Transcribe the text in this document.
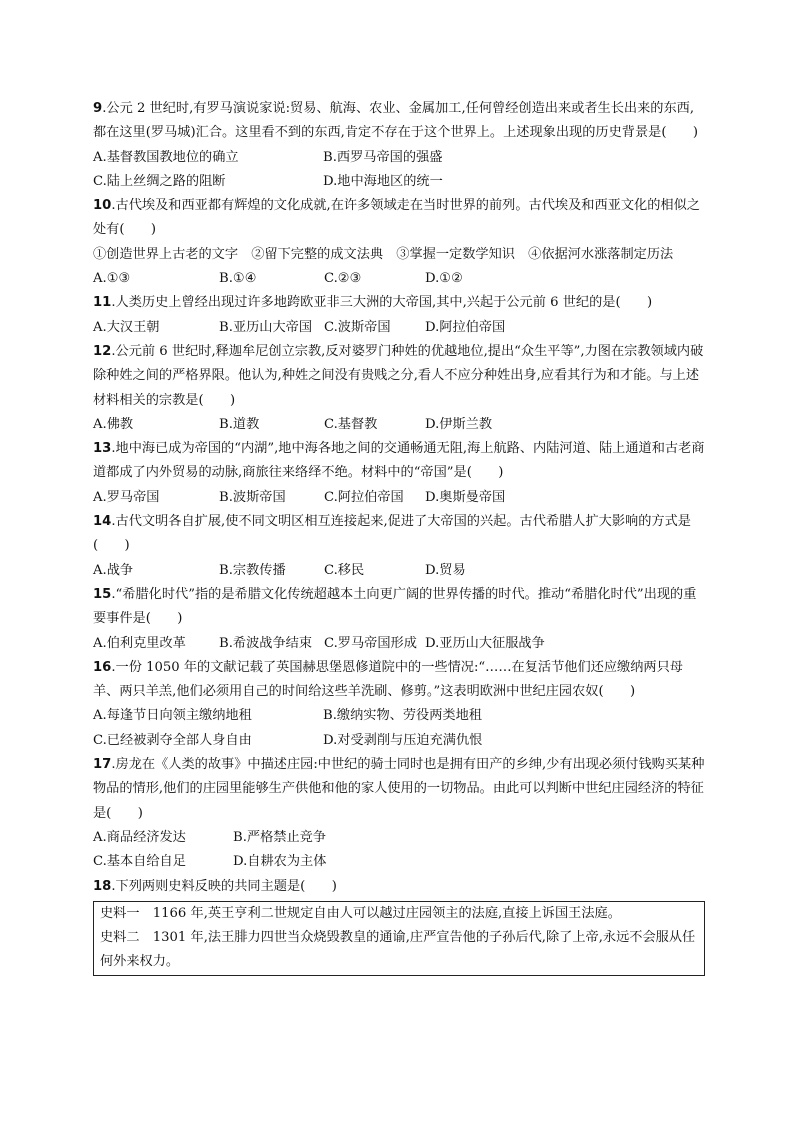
9.公元 2 世纪时,有罗马演说家说:贸易、航海、农业、金属加工,任何曾经创造出来或者生长出来的东西,都在这里(罗马城)汇合。这里看不到的东西,肯定不存在于这个世界上。上述现象出现的历史背景是(　　)

A.基督教国教地位的确立	B.西罗马帝国的强盛
C.陆上丝绸之路的阻断	D.地中海地区的统一

10.古代埃及和西亚都有辉煌的文化成就,在许多领域走在当时世界的前列。古代埃及和西亚文化的相似之处有(　　)

①创造世界上古老的文字　②留下完整的成文法典　③掌握一定数学知识　④依据河水涨落制定历法

A.①③	B.①④	C.②③	D.①②

11.人类历史上曾经出现过许多地跨欧亚非三大洲的大帝国,其中,兴起于公元前 6 世纪的是(　　)

A.大汉王朝	B.亚历山大帝国 C.波斯帝国	D.阿拉伯帝国

12.公元前 6 世纪时,释迦牟尼创立宗教,反对婆罗门种姓的优越地位,提出“众生平等”,力图在宗教领域内破除种姓之间的严格界限。他认为,种姓之间没有贵贱之分,看人不应分种姓出身,应看其行为和才能。与上述材料相关的宗教是(　　)

A.佛教	B.道教	C.基督教	D.伊斯兰教

13.地中海已成为帝国的“内湖”,地中海各地之间的交通畅通无阻,海上航路、内陆河道、陆上通道和古老商道都成了内外贸易的动脉,商旅往来络绎不绝。材料中的“帝国”是(　　)

A.罗马帝国	B.波斯帝国	C.阿拉伯帝国	D.奥斯曼帝国

14.古代文明各自扩展,使不同文明区相互连接起来,促进了大帝国的兴起。古代希腊人扩大影响的方式是(　　)

A.战争	B.宗教传播	C.移民	D.贸易

15.“希腊化时代”指的是希腊文化传统超越本土向更广阔的世界传播的时代。推动“希腊化时代”出现的重要事件是(　　)

A.伯利克里改革	B.希波战争结束 C.罗马帝国形成 D.亚历山大征服战争

16.一份 1050 年的文献记载了英国赫思堡恩修道院中的一些情况:“……在复活节他们还应缴纳两只母羊、两只羊羔,他们必须用自己的时间给这些羊洗刷、修剪。”这表明欧洲中世纪庄园农奴(　　)

A.每逢节日向领主缴纳地租	B.缴纳实物、劳役两类地租
C.已经被剥夺全部人身自由	D.对受剥削与压迫充满仇恨

17.房龙在《人类的故事》中描述庄园:中世纪的骑士同时也是拥有田产的乡绅,少有出现必须付钱购买某种物品的情形,他们的庄园里能够生产供他和他的家人使用的一切物品。由此可以判断中世纪庄园经济的特征是(　　)

A.商品经济发达	B.严格禁止竞争
C.基本自给自足	D.自耕农为主体

18.下列两则史料反映的共同主题是(　　)

史料一　1166 年,英王亨利二世规定自由人可以越过庄园领主的法庭,直接上诉国王法庭。

史料二　1301 年,法王腓力四世当众烧毁教皇的通谕,庄严宣告他的子孙后代,除了上帝,永远不会服从任何外来权力。
